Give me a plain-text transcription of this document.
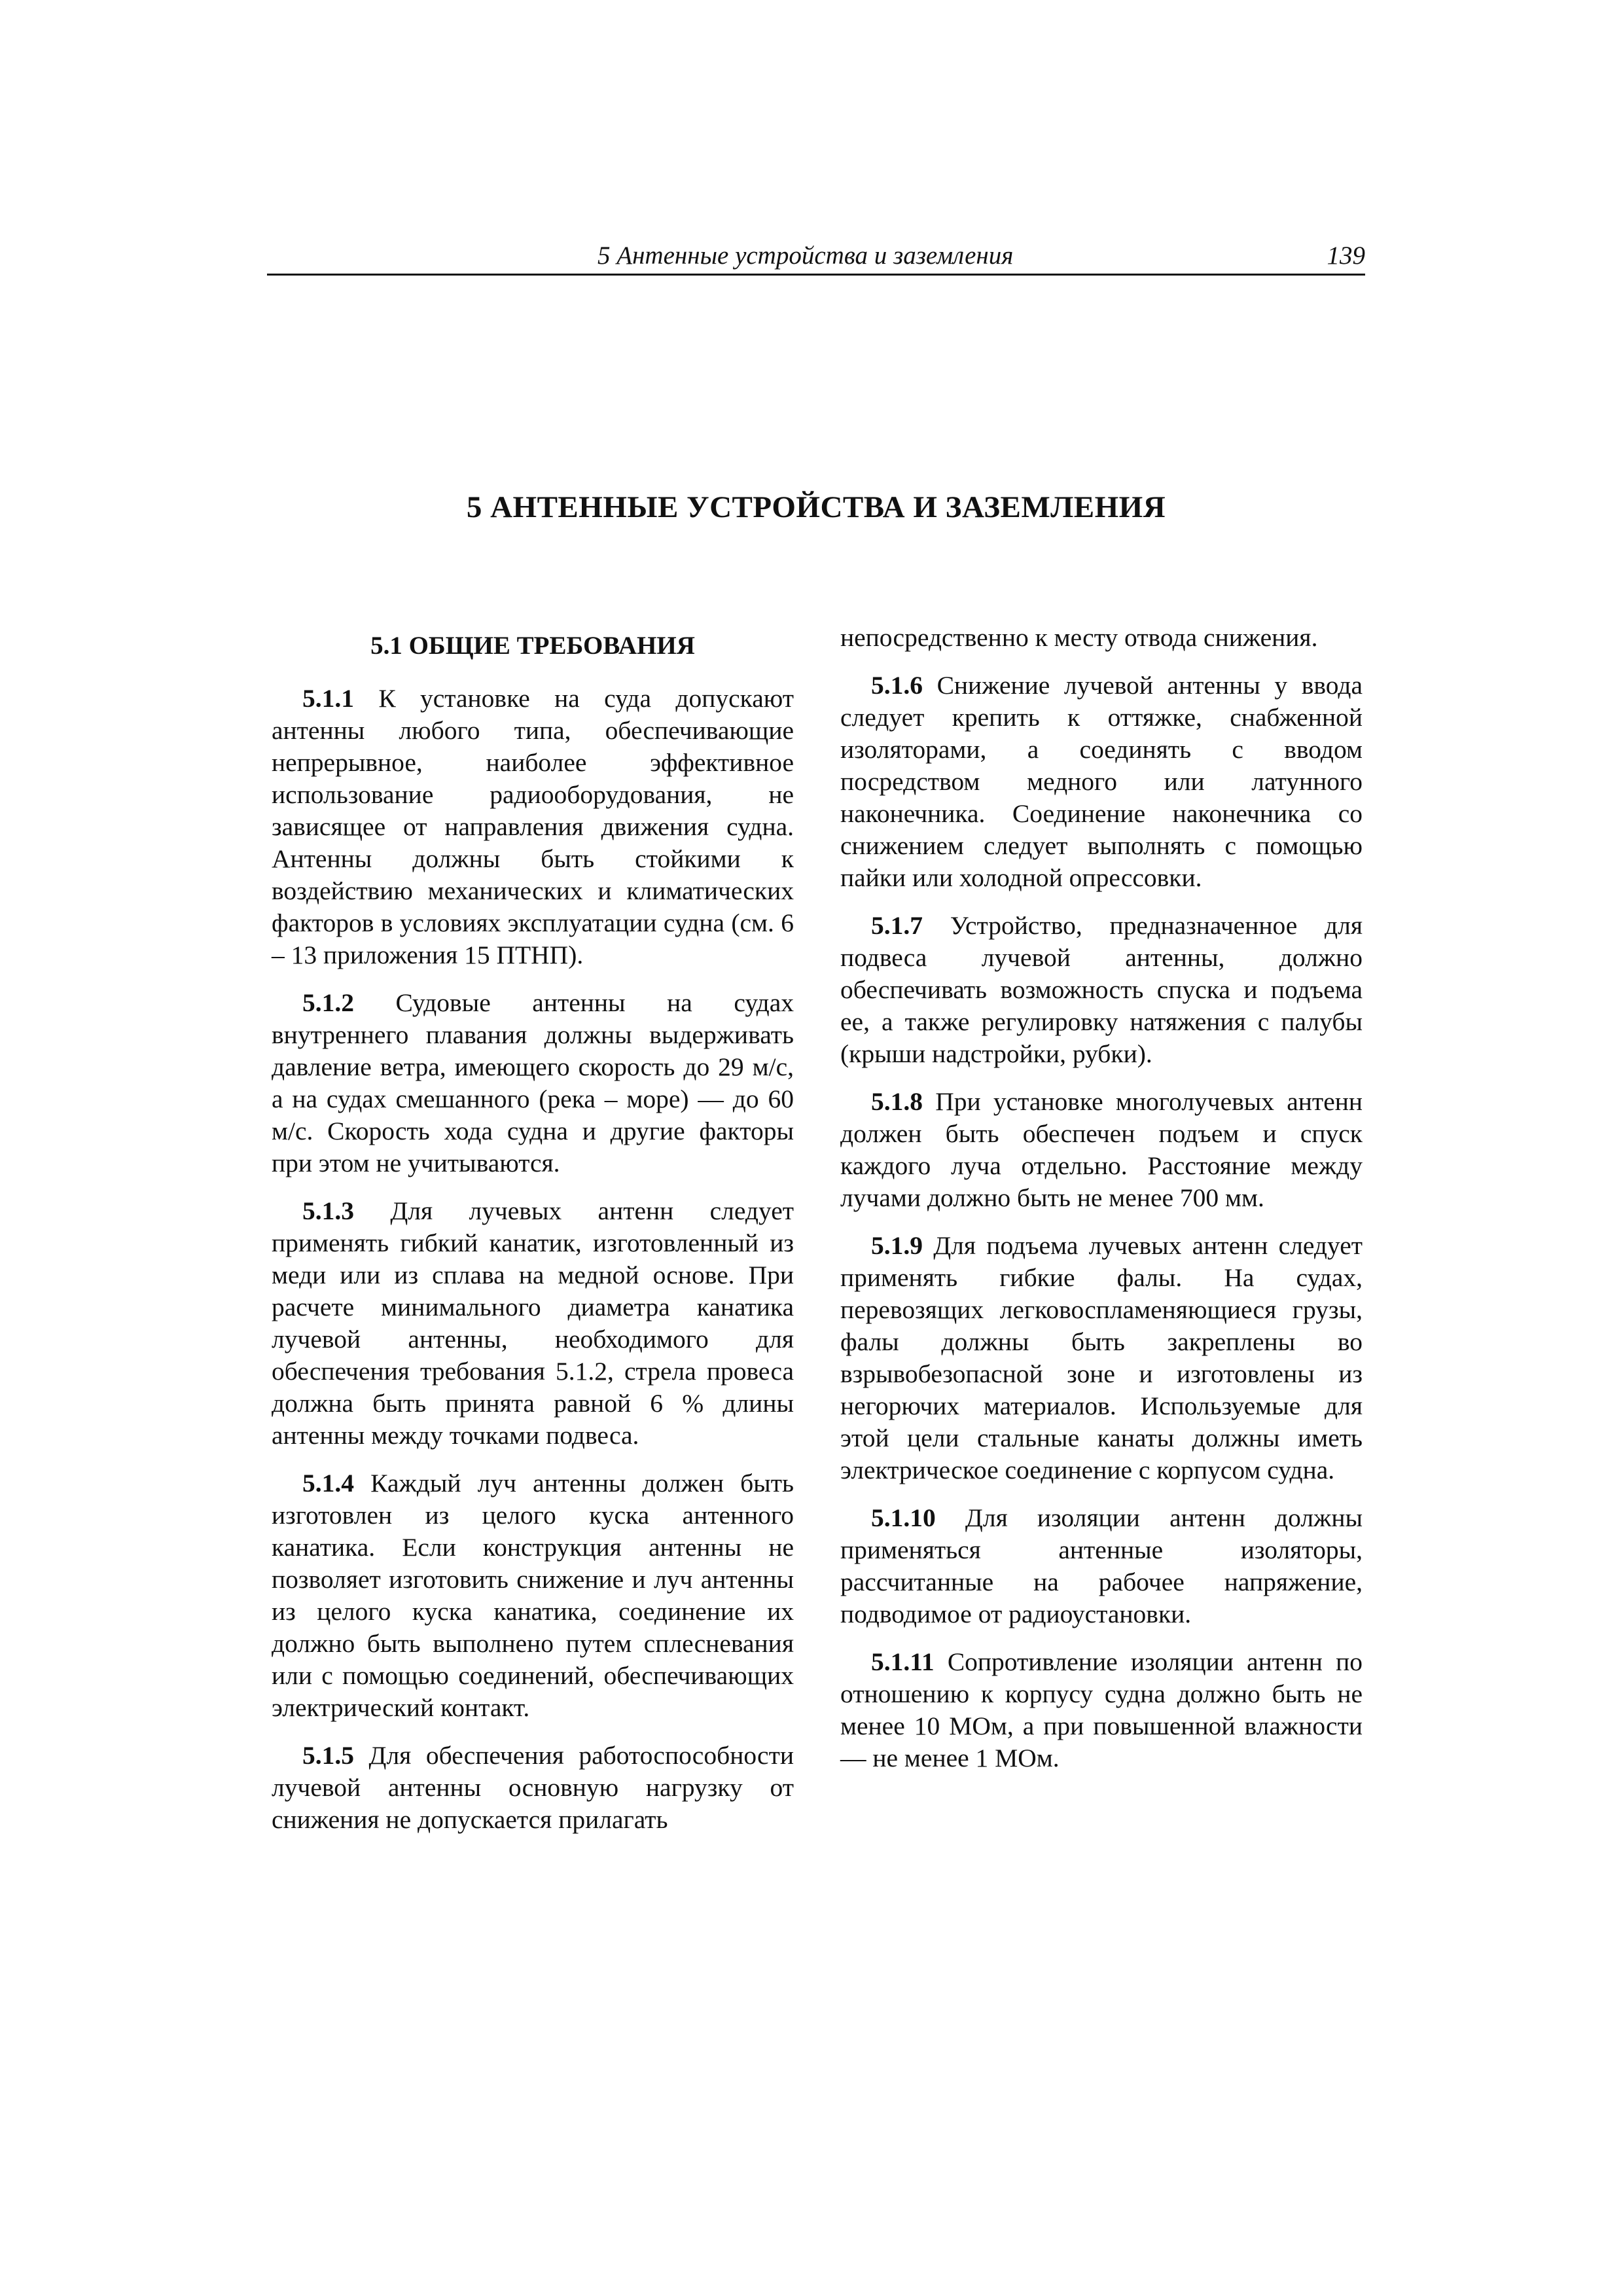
5 Антенные устройства и заземления	139
5 АНТЕННЫЕ УСТРОЙСТВА И ЗАЗЕМЛЕНИЯ
5.1 ОБЩИЕ ТРЕБОВАНИЯ

5.1.1 К установке на суда допускают антенны любого типа, обеспечивающие непрерывное, наиболее эффективное использование радиооборудования, не зависящее от направления движения судна. Антенны должны быть стойкими к воздействию механических и климатических факторов в условиях эксплуатации судна (см. 6 – 13 приложения 15 ПТНП).

5.1.2 Судовые антенны на судах внутреннего плавания должны выдерживать давление ветра, имеющего скорость до 29 м/с, а на судах смешанного (река – море) — до 60 м/с. Скорость хода судна и другие факторы при этом не учитываются.

5.1.3 Для лучевых антенн следует применять гибкий канатик, изготовленный из меди или из сплава на медной основе. При расчете минимального диаметра канатика лучевой антенны, необходимого для обеспечения требования 5.1.2, стрела провеса должна быть принята равной 6 % длины антенны между точками подвеса.

5.1.4 Каждый луч антенны должен быть изготовлен из целого куска антенного канатика. Если конструкция антенны не позволяет изготовить снижение и луч антенны из целого куска канатика, соединение их должно быть выполнено путем сплесневания или с помощью соединений, обеспечивающих электрический контакт.

5.1.5 Для обеспечения работоспособности лучевой антенны основную нагрузку от снижения не допускается прилагать

непосредственно к месту отвода снижения.

5.1.6 Снижение лучевой антенны у ввода следует крепить к оттяжке, снабженной изоляторами, а соединять с вводом посредством медного или латунного наконечника. Соединение наконечника со снижением следует выполнять с помощью пайки или холодной опрессовки.

5.1.7 Устройство, предназначенное для подвеса лучевой антенны, должно обеспечивать возможность спуска и подъема ее, а также регулировку натяжения с палубы (крыши надстройки, рубки).

5.1.8 При установке многолучевых антенн должен быть обеспечен подъем и спуск каждого луча отдельно. Расстояние между лучами должно быть не менее 700 мм.

5.1.9 Для подъема лучевых антенн следует применять гибкие фалы. На судах, перевозящих легковоспламеняющиеся грузы, фалы должны быть закреплены во взрывобезопасной зоне и изготовлены из негорючих материалов. Используемые для этой цели стальные канаты должны иметь электрическое соединение с корпусом судна.

5.1.10 Для изоляции антенн должны применяться антенные изоляторы, рассчитанные на рабочее напряжение, подводимое от радиоустановки.

5.1.11 Сопротивление изоляции антенн по отношению к корпусу судна должно быть не менее 10 МОм, а при повышенной влажности — не менее 1 МОм.
